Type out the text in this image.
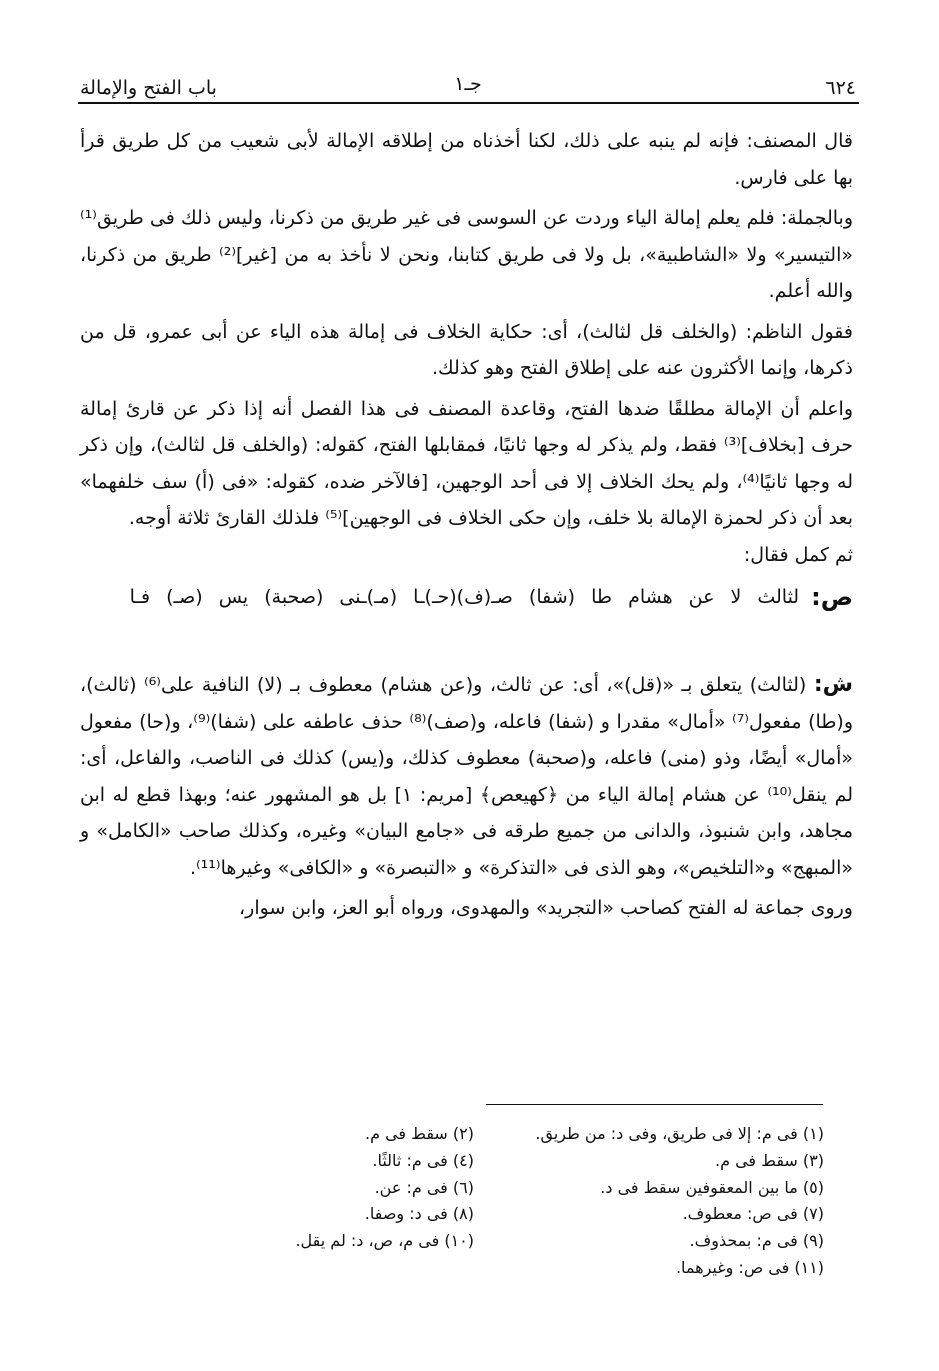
باب الفتح والإمالة	جـ١	٦٢٤

قال المصنف: فإنه لم ينبه على ذلك، لكنا أخذناه من إطلاقه الإمالة لأبى شعيب من كل طريق قرأ بها على فارس.

وبالجملة: فلم يعلم إمالة الياء وردت عن السوسى فى غير طريق من ذكرنا، وليس ذلك فى طريق⁽¹⁾ «التيسير» ولا «الشاطبية»، بل ولا فى طريق كتابنا، ونحن لا نأخذ به من [غير]⁽²⁾ طريق من ذكرنا، والله أعلم.

فقول الناظم: (والخلف قل لثالث)، أى: حكاية الخلاف فى إمالة هذه الياء عن أبى عمرو، قل من ذكرها، وإنما الأكثرون عنه على إطلاق الفتح وهو كذلك.

واعلم أن الإمالة مطلقًا ضدها الفتح، وقاعدة المصنف فى هذا الفصل أنه إذا ذكر عن قارئ إمالة حرف [بخلاف]⁽³⁾ فقط، ولم يذكر له وجها ثانيًا، فمقابلها الفتح، كقوله: (والخلف قل لثالث)، وإن ذكر له وجها ثانيًا⁽⁴⁾، ولم يحك الخلاف إلا فى أحد الوجهين، [فالآخر ضده، كقوله: «فى (أ) سف خلفهما» بعد أن ذكر لحمزة الإمالة بلا خلف، وإن حكى الخلاف فى الوجهين]⁽⁵⁾ فلذلك القارئ ثلاثة أوجه.

ثم كمل فقال:

ص:
لثالث لا عن هشام طا (شفا) صـ(ف)(حـ)ـا (مـ)ـنى (صحبة) يس (صـ) فـا

ش: (لثالث) يتعلق بـ «(قل)»، أى: عن ثالث، و(عن هشام) معطوف بـ (لا) النافية على⁽⁶⁾ (ثالث)، و(طا) مفعول⁽⁷⁾ «أمال» مقدرا و (شفا) فاعله، و(صف)⁽⁸⁾ حذف عاطفه على (شفا)⁽⁹⁾، و(حا) مفعول «أمال» أيضًا، وذو (منى) فاعله، و(صحبة) معطوف كذلك، و(يس) كذلك فى الناصب، والفاعل، أى: لم ينقل⁽¹⁰⁾ عن هشام إمالة الياء من ﴿كهيعص﴾ [مريم: ١] بل هو المشهور عنه؛ وبهذا قطع له ابن مجاهد، وابن شنبوذ، والدانى من جميع طرقه فى «جامع البيان» وغيره، وكذلك صاحب «الكامل» و «المبهج» و«التلخيص»، وهو الذى فى «التذكرة» و «التبصرة» و «الكافى» وغيرها⁽¹¹⁾.

وروى جماعة له الفتح كصاحب «التجريد» والمهدوى، ورواه أبو العز، وابن سوار،

(١) فى م: إلا فى طريق، وفى د: من طريق.
(٢) سقط فى م.
(٣) سقط فى م.
(٤) فى م: ثالثًا.
(٥) ما بين المعقوفين سقط فى د.
(٦) فى م: عن.
(٧) فى ص: معطوف.
(٨) فى د: وصفا.
(٩) فى م: بمحذوف.
(١٠) فى م، ص، د: لم يقل.
(١١) فى ص: وغيرهما.
